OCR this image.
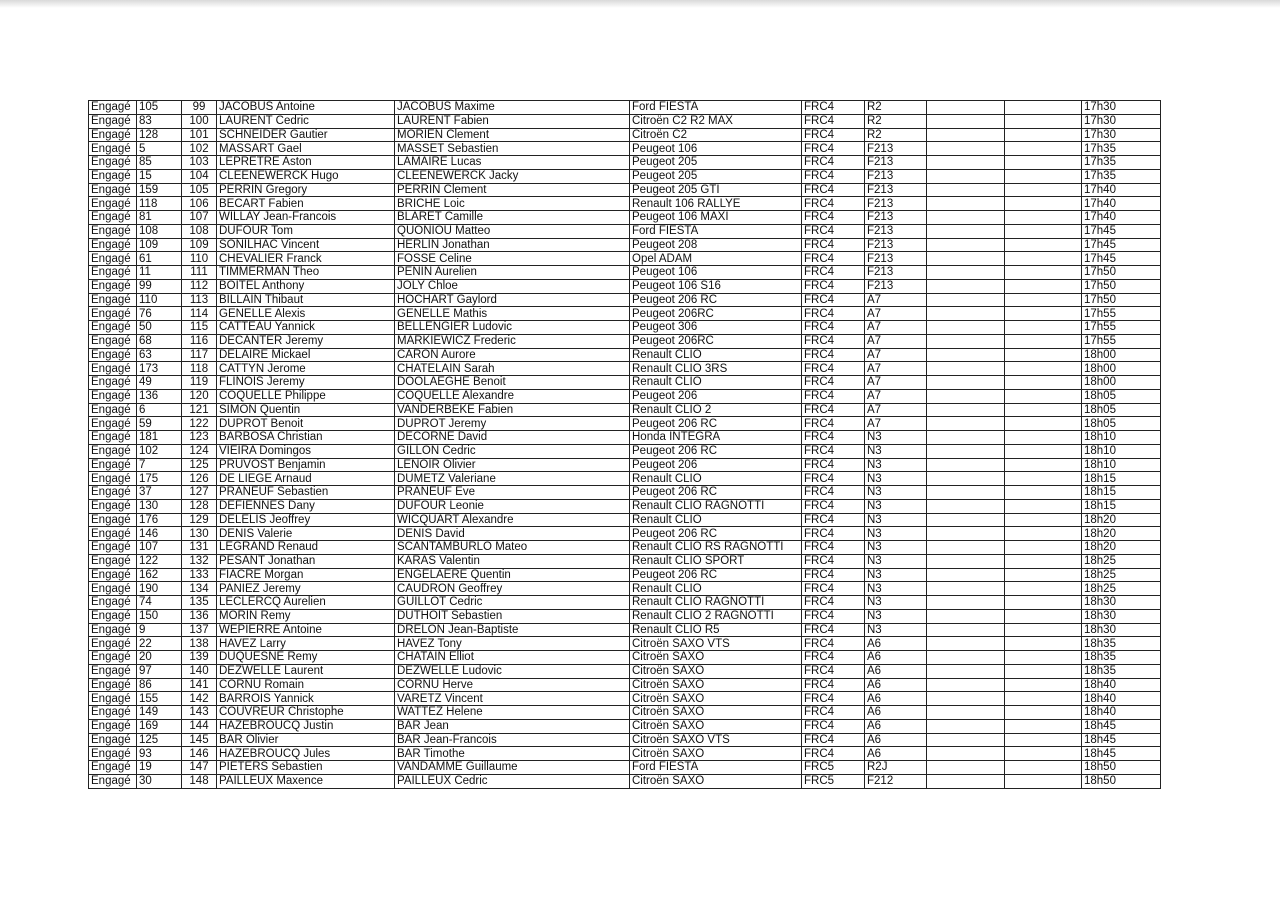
Engagé	105	99	JACOBUS Antoine	JACOBUS Maxime	Ford FIESTA	FRC4	R2			17h30
Engagé	83	100	LAURENT Cedric	LAURENT Fabien	Citroën C2 R2 MAX	FRC4	R2			17h30
Engagé	128	101	SCHNEIDER Gautier	MORIEN Clement	Citroën C2	FRC4	R2			17h30
Engagé	5	102	MASSART Gael	MASSET Sebastien	Peugeot 106	FRC4	F213			17h35
Engagé	85	103	LEPRETRE Aston	LAMAIRE Lucas	Peugeot 205	FRC4	F213			17h35
Engagé	15	104	CLEENEWERCK Hugo	CLEENEWERCK Jacky	Peugeot 205	FRC4	F213			17h35
Engagé	159	105	PERRIN Gregory	PERRIN Clement	Peugeot 205 GTI	FRC4	F213			17h40
Engagé	118	106	BECART Fabien	BRICHE Loic	Renault 106 RALLYE	FRC4	F213			17h40
Engagé	81	107	WILLAY Jean-Francois	BLARET Camille	Peugeot 106 MAXI	FRC4	F213			17h40
Engagé	108	108	DUFOUR Tom	QUONIOU Matteo	Ford FIESTA	FRC4	F213			17h45
Engagé	109	109	SONILHAC Vincent	HERLIN Jonathan	Peugeot 208	FRC4	F213			17h45
Engagé	61	110	CHEVALIER Franck	FOSSE Celine	Opel ADAM	FRC4	F213			17h45
Engagé	11	111	TIMMERMAN Theo	PENIN Aurelien	Peugeot 106	FRC4	F213			17h50
Engagé	99	112	BOITEL Anthony	JOLY Chloe	Peugeot 106 S16	FRC4	F213			17h50
Engagé	110	113	BILLAIN Thibaut	HOCHART Gaylord	Peugeot 206 RC	FRC4	A7			17h50
Engagé	76	114	GENELLE Alexis	GENELLE Mathis	Peugeot 206RC	FRC4	A7			17h55
Engagé	50	115	CATTEAU Yannick	BELLENGIER Ludovic	Peugeot 306	FRC4	A7			17h55
Engagé	68	116	DECANTER Jeremy	MARKIEWICZ Frederic	Peugeot 206RC	FRC4	A7			17h55
Engagé	63	117	DELAIRE Mickael	CARON Aurore	Renault CLIO	FRC4	A7			18h00
Engagé	173	118	CATTYN Jerome	CHATELAIN Sarah	Renault CLIO 3RS	FRC4	A7			18h00
Engagé	49	119	FLINOIS Jeremy	DOOLAEGHE Benoit	Renault CLIO	FRC4	A7			18h00
Engagé	136	120	COQUELLE Philippe	COQUELLE Alexandre	Peugeot 206	FRC4	A7			18h05
Engagé	6	121	SIMON Quentin	VANDERBEKE Fabien	Renault CLIO 2	FRC4	A7			18h05
Engagé	59	122	DUPROT Benoit	DUPROT Jeremy	Peugeot 206 RC	FRC4	A7			18h05
Engagé	181	123	BARBOSA Christian	DECORNE David	Honda INTEGRA	FRC4	N3			18h10
Engagé	102	124	VIEIRA Domingos	GILLON Cedric	Peugeot 206 RC	FRC4	N3			18h10
Engagé	7	125	PRUVOST Benjamin	LENOIR Olivier	Peugeot 206	FRC4	N3			18h10
Engagé	175	126	DE LIEGE Arnaud	DUMETZ Valeriane	Renault CLIO	FRC4	N3			18h15
Engagé	37	127	PRANEUF Sebastien	PRANEUF Eve	Peugeot 206 RC	FRC4	N3			18h15
Engagé	130	128	DEFIENNES Dany	DUFOUR Leonie	Renault CLIO RAGNOTTI	FRC4	N3			18h15
Engagé	176	129	DELELIS Jeoffrey	WICQUART Alexandre	Renault CLIO	FRC4	N3			18h20
Engagé	146	130	DENIS Valerie	DENIS David	Peugeot 206 RC	FRC4	N3			18h20
Engagé	107	131	LEGRAND Renaud	SCANTAMBURLO Mateo	Renault CLIO RS RAGNOTTI	FRC4	N3			18h20
Engagé	122	132	PESANT Jonathan	KARAS Valentin	Renault CLIO SPORT	FRC4	N3			18h25
Engagé	162	133	FIACRE Morgan	ENGELAERE Quentin	Peugeot 206 RC	FRC4	N3			18h25
Engagé	190	134	PANIEZ Jeremy	CAUDRON Geoffrey	Renault CLIO	FRC4	N3			18h25
Engagé	74	135	LECLERCQ Aurelien	GUILLOT Cedric	Renault CLIO RAGNOTTI	FRC4	N3			18h30
Engagé	150	136	MORIN Remy	DUTHOIT Sebastien	Renault CLIO 2 RAGNOTTI	FRC4	N3			18h30
Engagé	9	137	WEPIERRE Antoine	DRELON Jean-Baptiste	Renault CLIO R5	FRC4	N3			18h30
Engagé	22	138	HAVEZ Larry	HAVEZ Tony	Citroën SAXO VTS	FRC4	A6			18h35
Engagé	20	139	DUQUESNE Remy	CHATAIN Elliot	Citroën SAXO	FRC4	A6			18h35
Engagé	97	140	DEZWELLE Laurent	DEZWELLE Ludovic	Citroën SAXO	FRC4	A6			18h35
Engagé	86	141	CORNU Romain	CORNU Herve	Citroën SAXO	FRC4	A6			18h40
Engagé	155	142	BARROIS Yannick	VARETZ Vincent	Citroën SAXO	FRC4	A6			18h40
Engagé	149	143	COUVREUR Christophe	WATTEZ Helene	Citroën SAXO	FRC4	A6			18h40
Engagé	169	144	HAZEBROUCQ Justin	BAR Jean	Citroën SAXO	FRC4	A6			18h45
Engagé	125	145	BAR Olivier	BAR Jean-Francois	Citroën SAXO VTS	FRC4	A6			18h45
Engagé	93	146	HAZEBROUCQ Jules	BAR Timothe	Citroën SAXO	FRC4	A6			18h45
Engagé	19	147	PIETERS Sebastien	VANDAMME Guillaume	Ford FIESTA	FRC5	R2J			18h50
Engagé	30	148	PAILLEUX Maxence	PAILLEUX Cedric	Citroën SAXO	FRC5	F212			18h50
